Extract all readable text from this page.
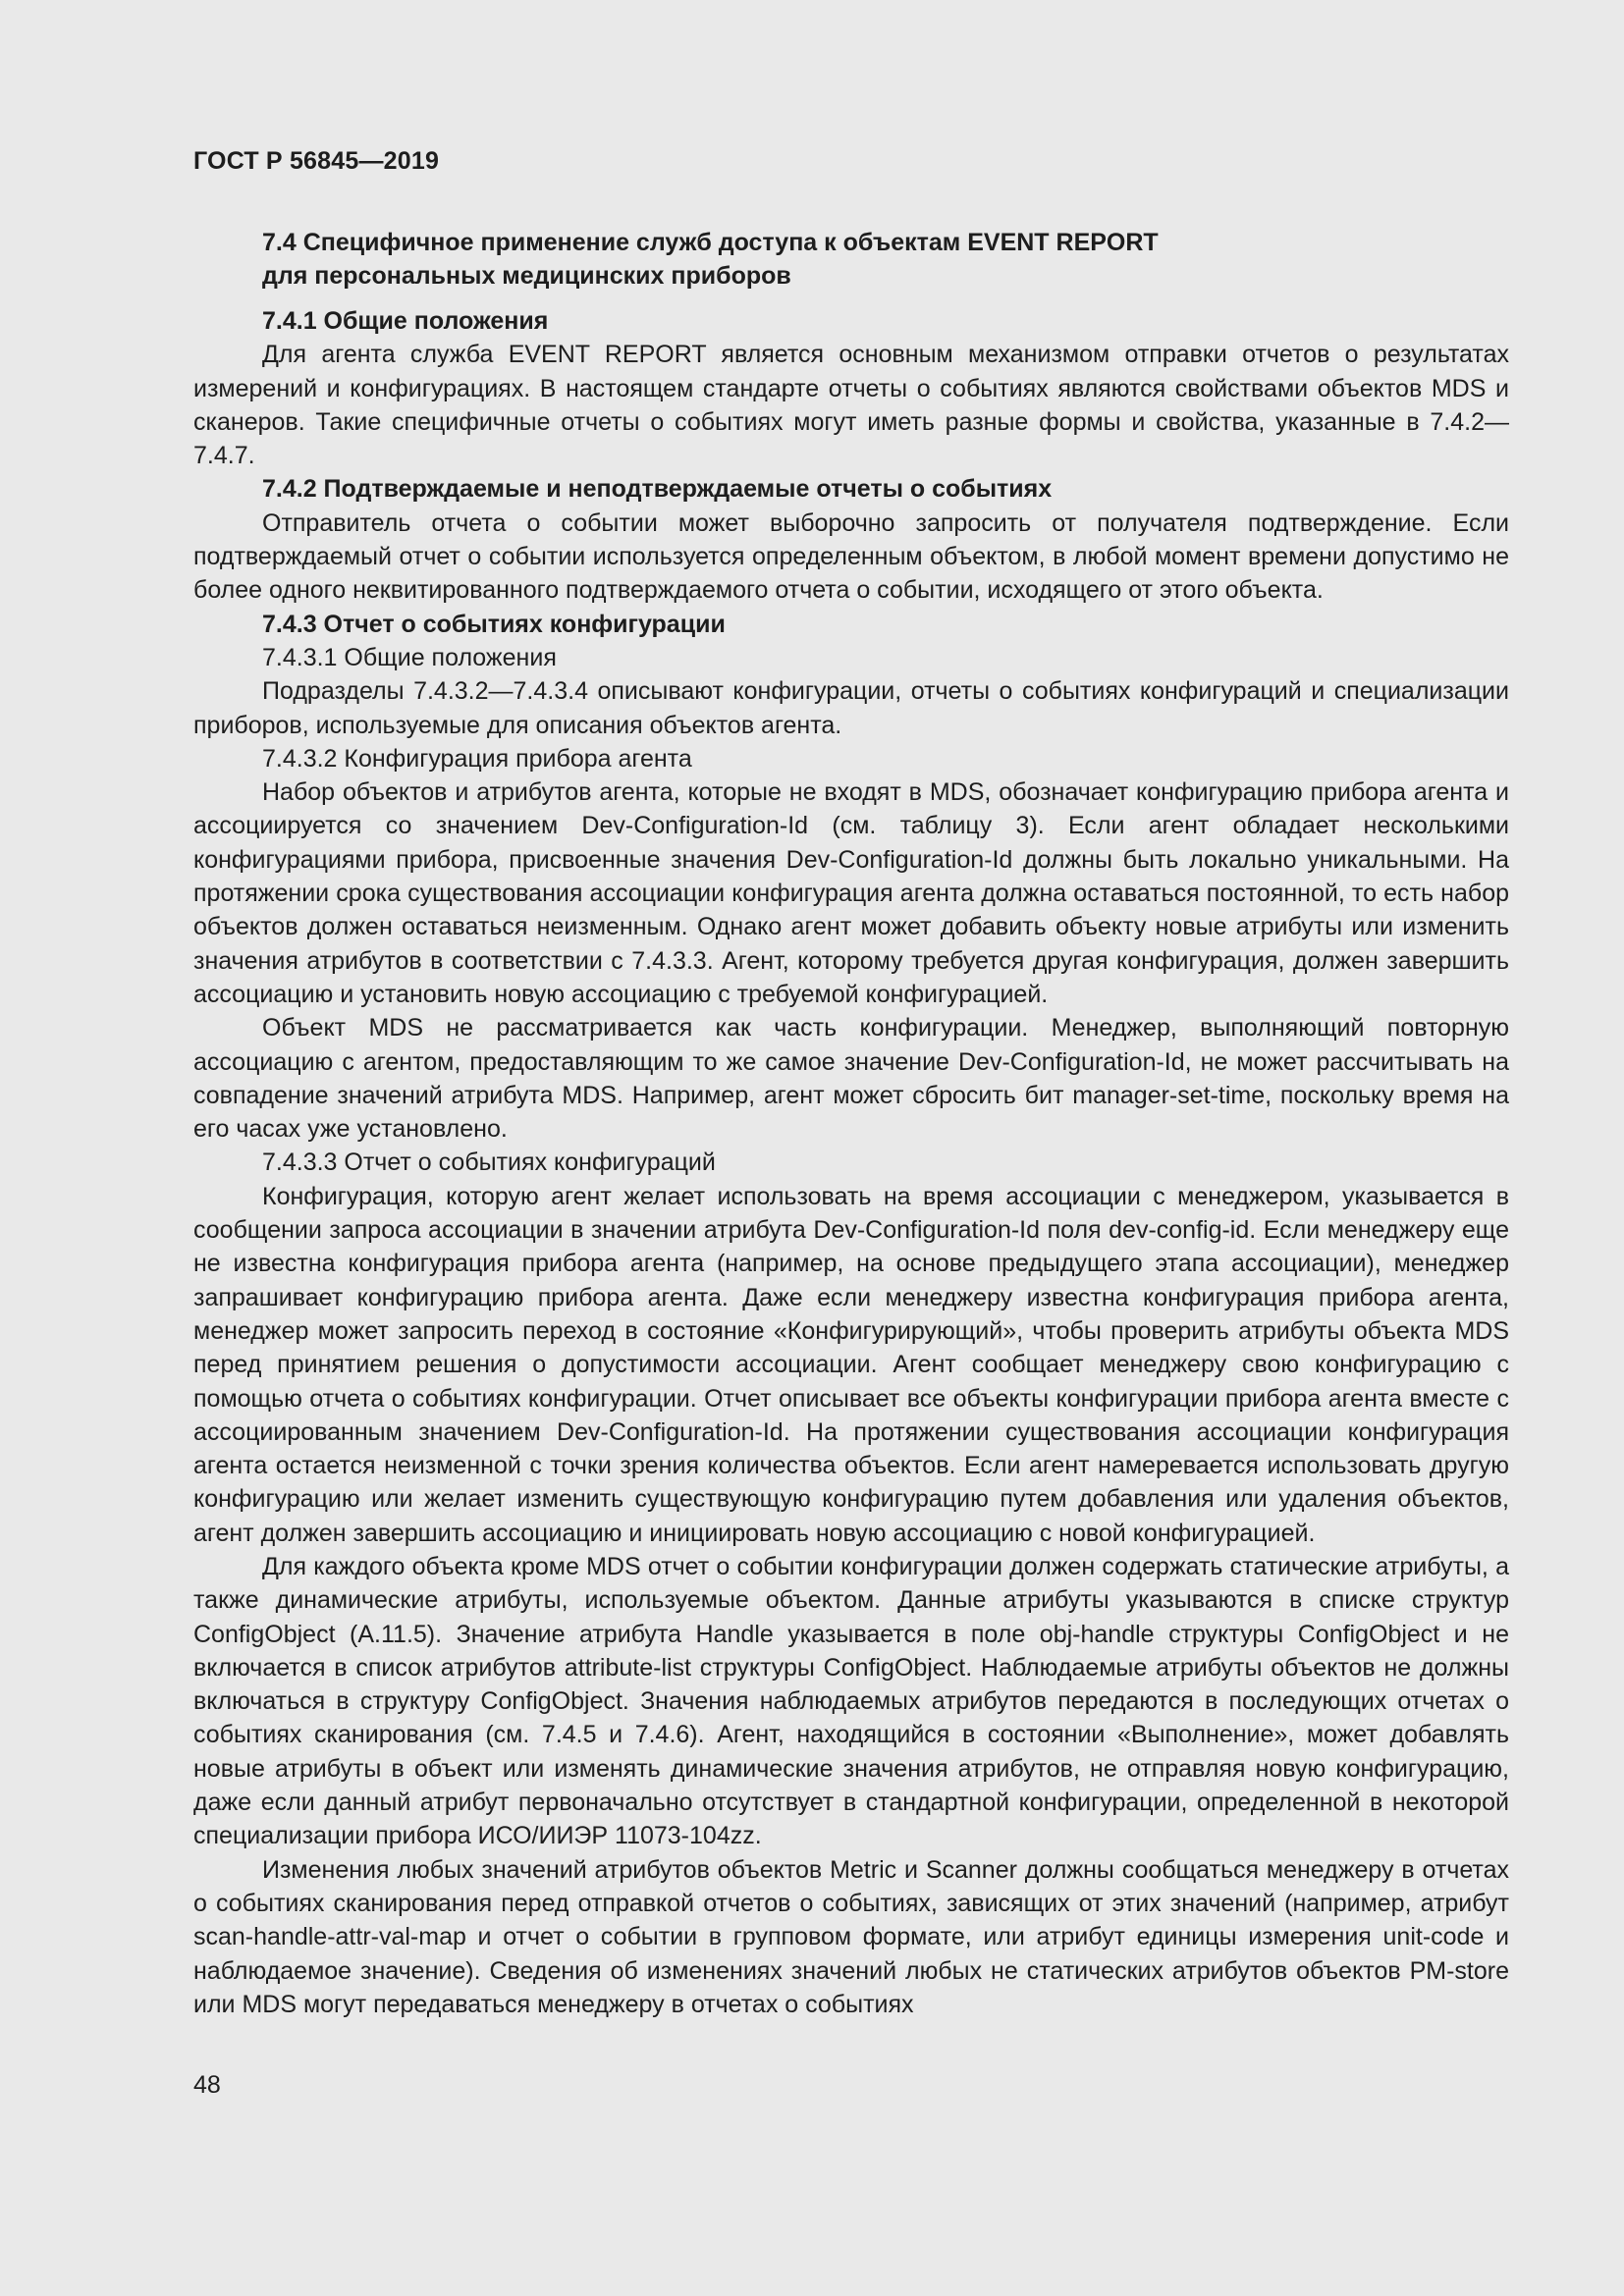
ГОСТ Р 56845—2019
7.4 Специфичное применение служб доступа к объектам EVENT REPORT
для персональных медицинских приборов
7.4.1 Общие положения
Для агента служба EVENT REPORT является основным механизмом отправки отчетов о результатах измерений и конфигурациях. В настоящем стандарте отчеты о событиях являются свойствами объектов MDS и сканеров. Такие специфичные отчеты о событиях могут иметь разные формы и свойства, указанные в 7.4.2—7.4.7.
7.4.2 Подтверждаемые и неподтверждаемые отчеты о событиях
Отправитель отчета о событии может выборочно запросить от получателя подтверждение. Если подтверждаемый отчет о событии используется определенным объектом, в любой момент времени допустимо не более одного неквитированного подтверждаемого отчета о событии, исходящего от этого объекта.
7.4.3 Отчет о событиях конфигурации
7.4.3.1 Общие положения
Подразделы 7.4.3.2—7.4.3.4 описывают конфигурации, отчеты о событиях конфигураций и специализации приборов, используемые для описания объектов агента.
7.4.3.2 Конфигурация прибора агента
Набор объектов и атрибутов агента, которые не входят в MDS, обозначает конфигурацию прибора агента и ассоциируется со значением Dev-Configuration-Id (см. таблицу 3). Если агент обладает несколькими конфигурациями прибора, присвоенные значения Dev-Configuration-Id должны быть локально уникальными. На протяжении срока существования ассоциации конфигурация агента должна оставаться постоянной, то есть набор объектов должен оставаться неизменным. Однако агент может добавить объекту новые атрибуты или изменить значения атрибутов в соответствии с 7.4.3.3. Агент, которому требуется другая конфигурация, должен завершить ассоциацию и установить новую ассоциацию с требуемой конфигурацией.
Объект MDS не рассматривается как часть конфигурации. Менеджер, выполняющий повторную ассоциацию с агентом, предоставляющим то же самое значение Dev-Configuration-Id, не может рассчитывать на совпадение значений атрибута MDS. Например, агент может сбросить бит manager-set-time, поскольку время на его часах уже установлено.
7.4.3.3 Отчет о событиях конфигураций
Конфигурация, которую агент желает использовать на время ассоциации с менеджером, указывается в сообщении запроса ассоциации в значении атрибута Dev-Configuration-Id поля dev-config-id. Если менеджеру еще не известна конфигурация прибора агента (например, на основе предыдущего этапа ассоциации), менеджер запрашивает конфигурацию прибора агента. Даже если менеджеру известна конфигурация прибора агента, менеджер может запросить переход в состояние «Конфигурирующий», чтобы проверить атрибуты объекта MDS перед принятием решения о допустимости ассоциации. Агент сообщает менеджеру свою конфигурацию с помощью отчета о событиях конфигурации. Отчет описывает все объекты конфигурации прибора агента вместе с ассоциированным значением Dev-Configuration-Id. На протяжении существования ассоциации конфигурация агента остается неизменной с точки зрения количества объектов. Если агент намеревается использовать другую конфигурацию или желает изменить существующую конфигурацию путем добавления или удаления объектов, агент должен завершить ассоциацию и инициировать новую ассоциацию с новой конфигурацией.
Для каждого объекта кроме MDS отчет о событии конфигурации должен содержать статические атрибуты, а также динамические атрибуты, используемые объектом. Данные атрибуты указываются в списке структур ConfigObject (А.11.5). Значение атрибута Handle указывается в поле obj-handle структуры ConfigObject и не включается в список атрибутов attribute-list структуры ConfigObject. Наблюдаемые атрибуты объектов не должны включаться в структуру ConfigObject. Значения наблюдаемых атрибутов передаются в последующих отчетах о событиях сканирования (см. 7.4.5 и 7.4.6). Агент, находящийся в состоянии «Выполнение», может добавлять новые атрибуты в объект или изменять динамические значения атрибутов, не отправляя новую конфигурацию, даже если данный атрибут первоначально отсутствует в стандартной конфигурации, определенной в некоторой специализации прибора ИСО/ИИЭР 11073-104zz.
Изменения любых значений атрибутов объектов Metric и Scanner должны сообщаться менеджеру в отчетах о событиях сканирования перед отправкой отчетов о событиях, зависящих от этих значений (например, атрибут scan-handle-attr-val-map и отчет о событии в групповом формате, или атрибут единицы измерения unit-code и наблюдаемое значение). Сведения об изменениях значений любых не статических атрибутов объектов PM-store или MDS могут передаваться менеджеру в отчетах о событиях
48
